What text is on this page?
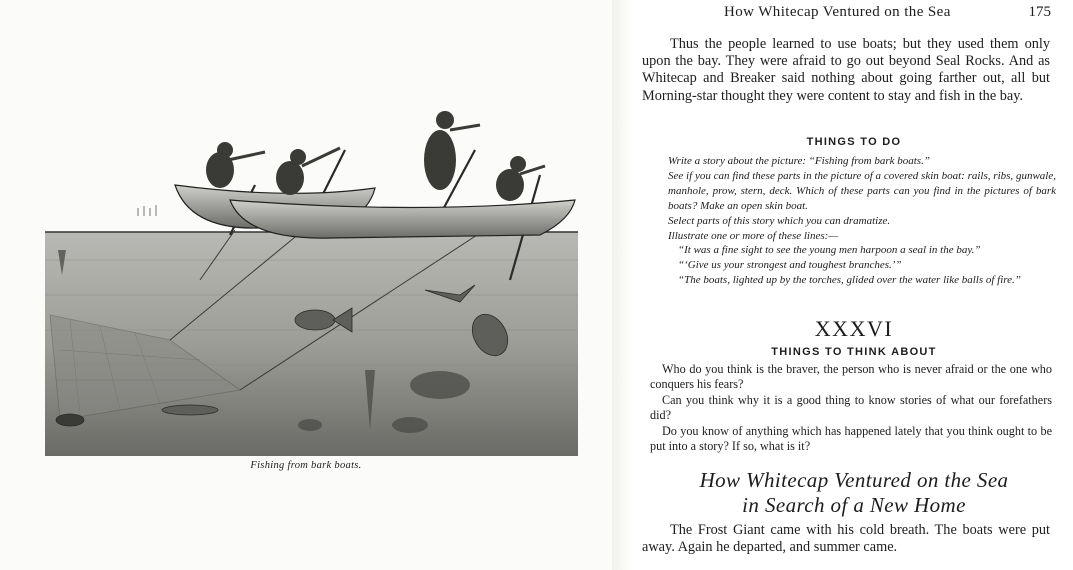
Fishing from bark boats.
How Whitecap Ventured on the Sea	175
Thus the people learned to use boats; but they used them only upon the bay. They were afraid to go out beyond Seal Rocks. And as Whitecap and Breaker said nothing about going farther out, all but Morning-star thought they were content to stay and fish in the bay.
THINGS TO DO
Write a story about the picture: “Fishing from bark boats.”
See if you can find these parts in the picture of a covered skin boat: rails, ribs, gunwale, manhole, prow, stern, deck. Which of these parts can you find in the pictures of bark boats? Make an open skin boat.
Select parts of this story which you can dramatize.
Illustrate one or more of these lines:—
“It was a fine sight to see the young men harpoon a seal in the bay.”
“‘Give us your strongest and toughest branches.’”
“The boats, lighted up by the torches, glided over the water like balls of fire.”
XXXVI
THINGS TO THINK ABOUT
Who do you think is the braver, the person who is never afraid or the one who conquers his fears?
Can you think why it is a good thing to know stories of what our forefathers did?
Do you know of anything which has happened lately that you think ought to be put into a story? If so, what is it?
How Whitecap Ventured on the Sea
in Search of a New Home
The Frost Giant came with his cold breath. The boats were put away. Again he departed, and summer came.
